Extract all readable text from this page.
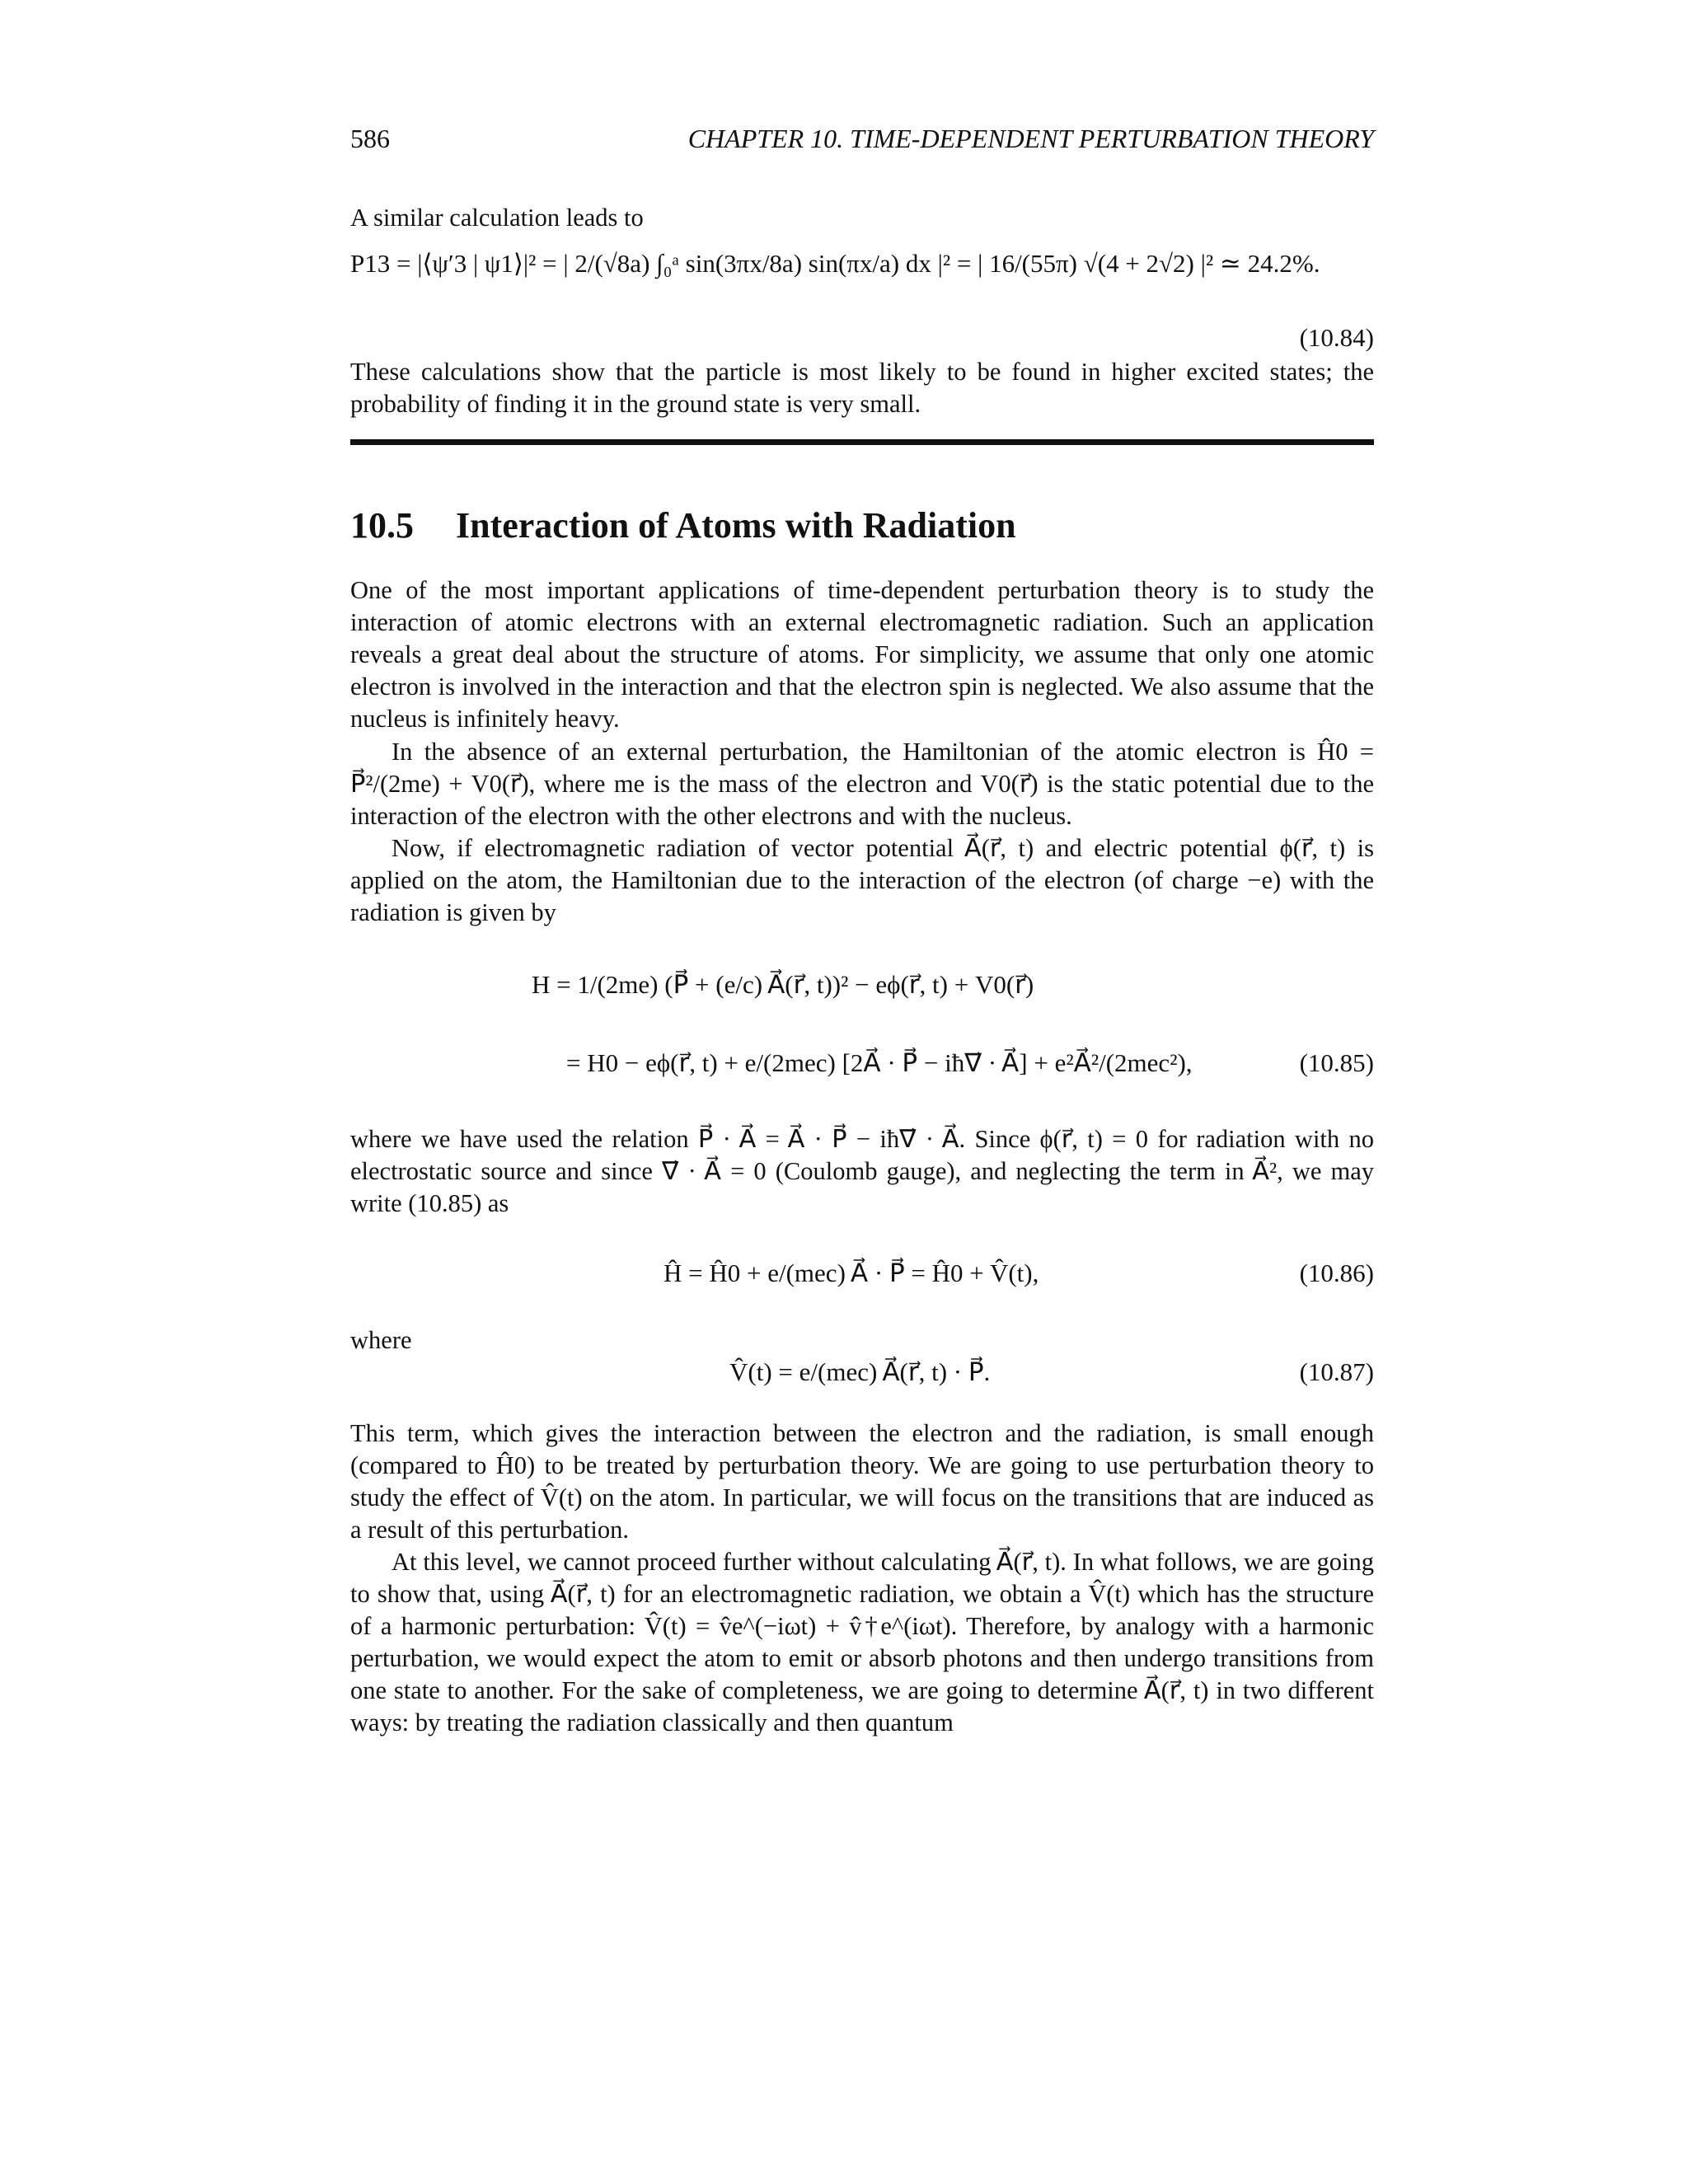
586	CHAPTER 10. TIME-DEPENDENT PERTURBATION THEORY

A similar calculation leads to

P13 = |⟨ψ′3 | ψ1⟩|² = | 2/(√8a) ∫₀ᵃ sin(3πx/8a) sin(πx/a) dx |² = | 16/(55π) √(4 + 2√2) |² ≃ 24.2%.
(10.84)

These calculations show that the particle is most likely to be found in higher excited states; the probability of finding it in the ground state is very small.

10.5 Interaction of Atoms with Radiation

One of the most important applications of time-dependent perturbation theory is to study the interaction of atomic electrons with an external electromagnetic radiation. Such an application reveals a great deal about the structure of atoms. For simplicity, we assume that only one atomic electron is involved in the interaction and that the electron spin is neglected. We also assume that the nucleus is infinitely heavy.

In the absence of an external perturbation, the Hamiltonian of the atomic electron is Ĥ0 = P⃗²/(2me) + V0(r⃗), where me is the mass of the electron and V0(r⃗) is the static potential due to the interaction of the electron with the other electrons and with the nucleus.

Now, if electromagnetic radiation of vector potential A⃗(r⃗, t) and electric potential ϕ(r⃗, t) is applied on the atom, the Hamiltonian due to the interaction of the electron (of charge −e) with the radiation is given by

H = 1/(2me) (P⃗ + (e/c) A⃗(r⃗, t))² − eϕ(r⃗, t) + V0(r⃗)
= H0 − eϕ(r⃗, t) + e/(2mec) [2A⃗ · P⃗ − iħ∇⃗ · A⃗] + e²A⃗²/(2mec²),	(10.85)

where we have used the relation P⃗ · A⃗ = A⃗ · P⃗ − iħ∇⃗ · A⃗. Since ϕ(r⃗, t) = 0 for radiation with no electrostatic source and since ∇⃗ · A⃗ = 0 (Coulomb gauge), and neglecting the term in A⃗², we may write (10.85) as

Ĥ = Ĥ0 + e/(mec) A⃗ · P⃗ = Ĥ0 + V̂(t),	(10.86)

where

V̂(t) = e/(mec) A⃗(r⃗, t) · P⃗.	(10.87)

This term, which gives the interaction between the electron and the radiation, is small enough (compared to Ĥ0) to be treated by perturbation theory. We are going to use perturbation theory to study the effect of V̂(t) on the atom. In particular, we will focus on the transitions that are induced as a result of this perturbation.

At this level, we cannot proceed further without calculating A⃗(r⃗, t). In what follows, we are going to show that, using A⃗(r⃗, t) for an electromagnetic radiation, we obtain a V̂(t) which has the structure of a harmonic perturbation: V̂(t) = v̂e^(−iωt) + v̂†e^(iωt). Therefore, by analogy with a harmonic perturbation, we would expect the atom to emit or absorb photons and then undergo transitions from one state to another. For the sake of completeness, we are going to determine A⃗(r⃗, t) in two different ways: by treating the radiation classically and then quantum
